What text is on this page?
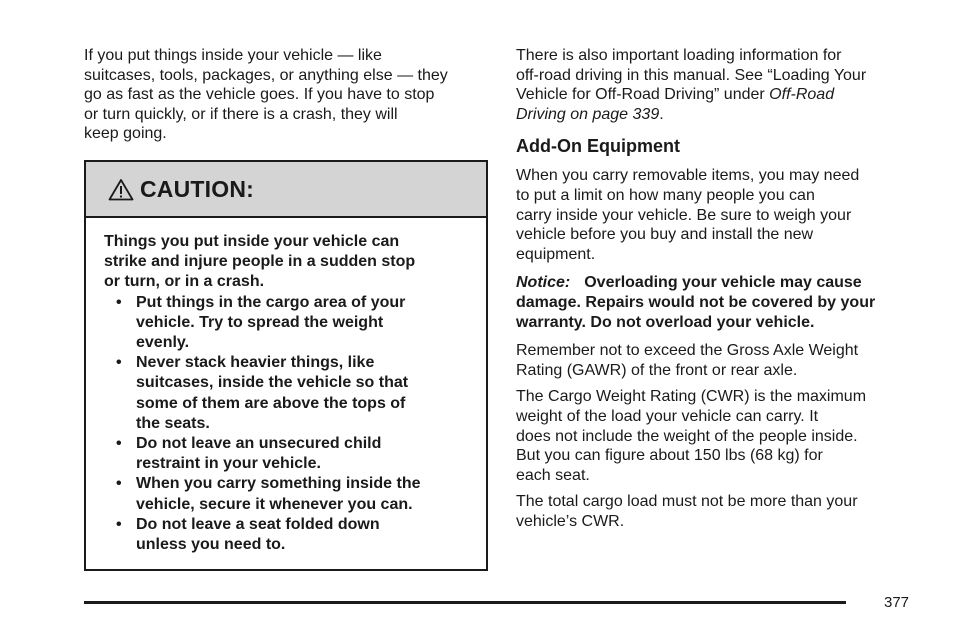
If you put things inside your vehicle — like
suitcases, tools, packages, or anything else — they
go as fast as the vehicle goes. If you have to stop
or turn quickly, or if there is a crash, they will
keep going.

CAUTION:
Things you put inside your vehicle can
strike and injure people in a sudden stop
or turn, or in a crash.
• Put things in the cargo area of your
vehicle. Try to spread the weight
evenly.
• Never stack heavier things, like
suitcases, inside the vehicle so that
some of them are above the tops of
the seats.
• Do not leave an unsecured child
restraint in your vehicle.
• When you carry something inside the
vehicle, secure it whenever you can.
• Do not leave a seat folded down
unless you need to.

There is also important loading information for
off-road driving in this manual. See “Loading Your
Vehicle for Off-Road Driving” under Off-Road
Driving on page 339.

Add-On Equipment

When you carry removable items, you may need
to put a limit on how many people you can
carry inside your vehicle. Be sure to weigh your
vehicle before you buy and install the new
equipment.

Notice: Overloading your vehicle may cause
damage. Repairs would not be covered by your
warranty. Do not overload your vehicle.

Remember not to exceed the Gross Axle Weight
Rating (GAWR) of the front or rear axle.

The Cargo Weight Rating (CWR) is the maximum
weight of the load your vehicle can carry. It
does not include the weight of the people inside.
But you can figure about 150 lbs (68 kg) for
each seat.

The total cargo load must not be more than your
vehicle’s CWR.

377
